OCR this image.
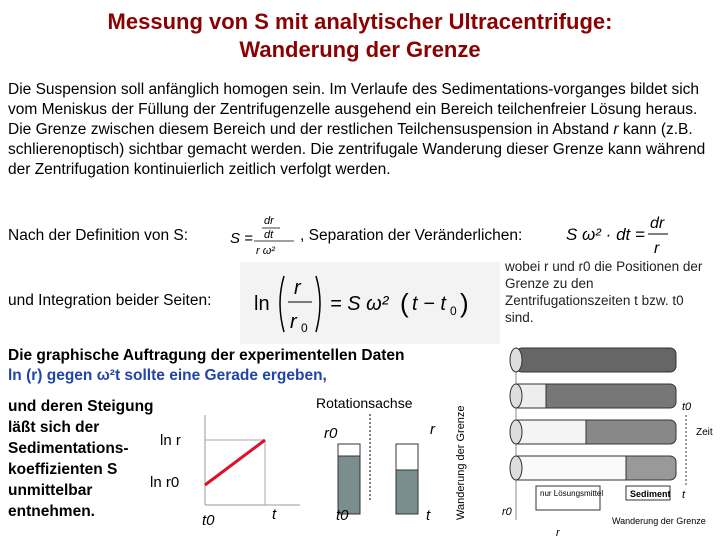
Messung von S mit analytischer Ultracentrifuge:
Wanderung der Grenze
Die Suspension soll anfänglich homogen sein. Im Verlaufe des Sedimentations-vorganges bildet sich vom Meniskus der Füllung der Zentrifugenzelle ausgehend ein Bereich teilchenfreier Lösung heraus. Die Grenze zwischen diesem Bereich und der restlichen Teilchensuspension in Abstand r kann (z.B. schlierenoptisch) sichtbar gemacht werden. Die zentrifugale Wanderung dieser Grenze kann während der Zentrifugation kontinuierlich zeitlich verfolgt werden.
Nach der Definition von S:	S =
dr
dt
r ω²
, Separation der Veränderlichen:	S ω² · dt =
dr
r
und Integration beider Seiten: ln
r
r 0
= S ω² ( t − t 0 )
wobei r und r0 die Positionen der Grenze zu den Zentrifugationszeiten t bzw. t0 sind.
Die graphische Auftragung der experimentellen Daten
ln (r) gegen ω²t sollte eine Gerade ergeben,
und deren Steigung
läßt sich der
Sedimentations-
koeffizienten S
unmittelbar
entnehmen.
ln r
ln r0
t0	t
Rotationsachse
r0	r
t0	t Wanderung der Grenze	Sediment
nur Lösungsmittel
t0
Zeit
t
r0
r
Wanderung der Grenze
